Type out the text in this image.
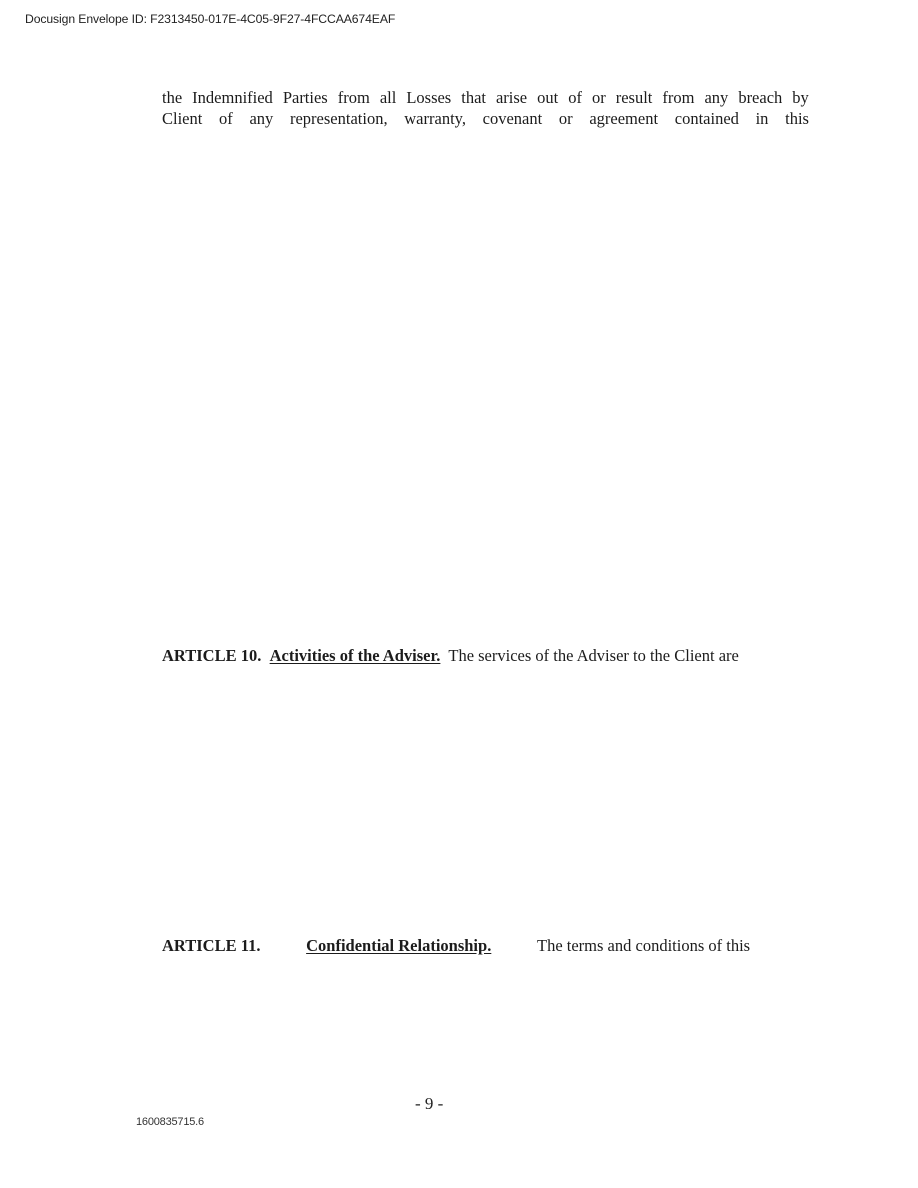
Docusign Envelope ID: F2313450-017E-4C05-9F27-4FCCAA674EAF
the Indemnified Parties from all Losses that arise out of or result from any breach by
Client of any representation, warranty, covenant or agreement contained in this
ARTICLE 10. Activities of the Adviser. The services of the Adviser to the Client are
ARTICLE 11.	Confidential Relationship.	The terms and conditions of this
- 9 -
1600835715.6
